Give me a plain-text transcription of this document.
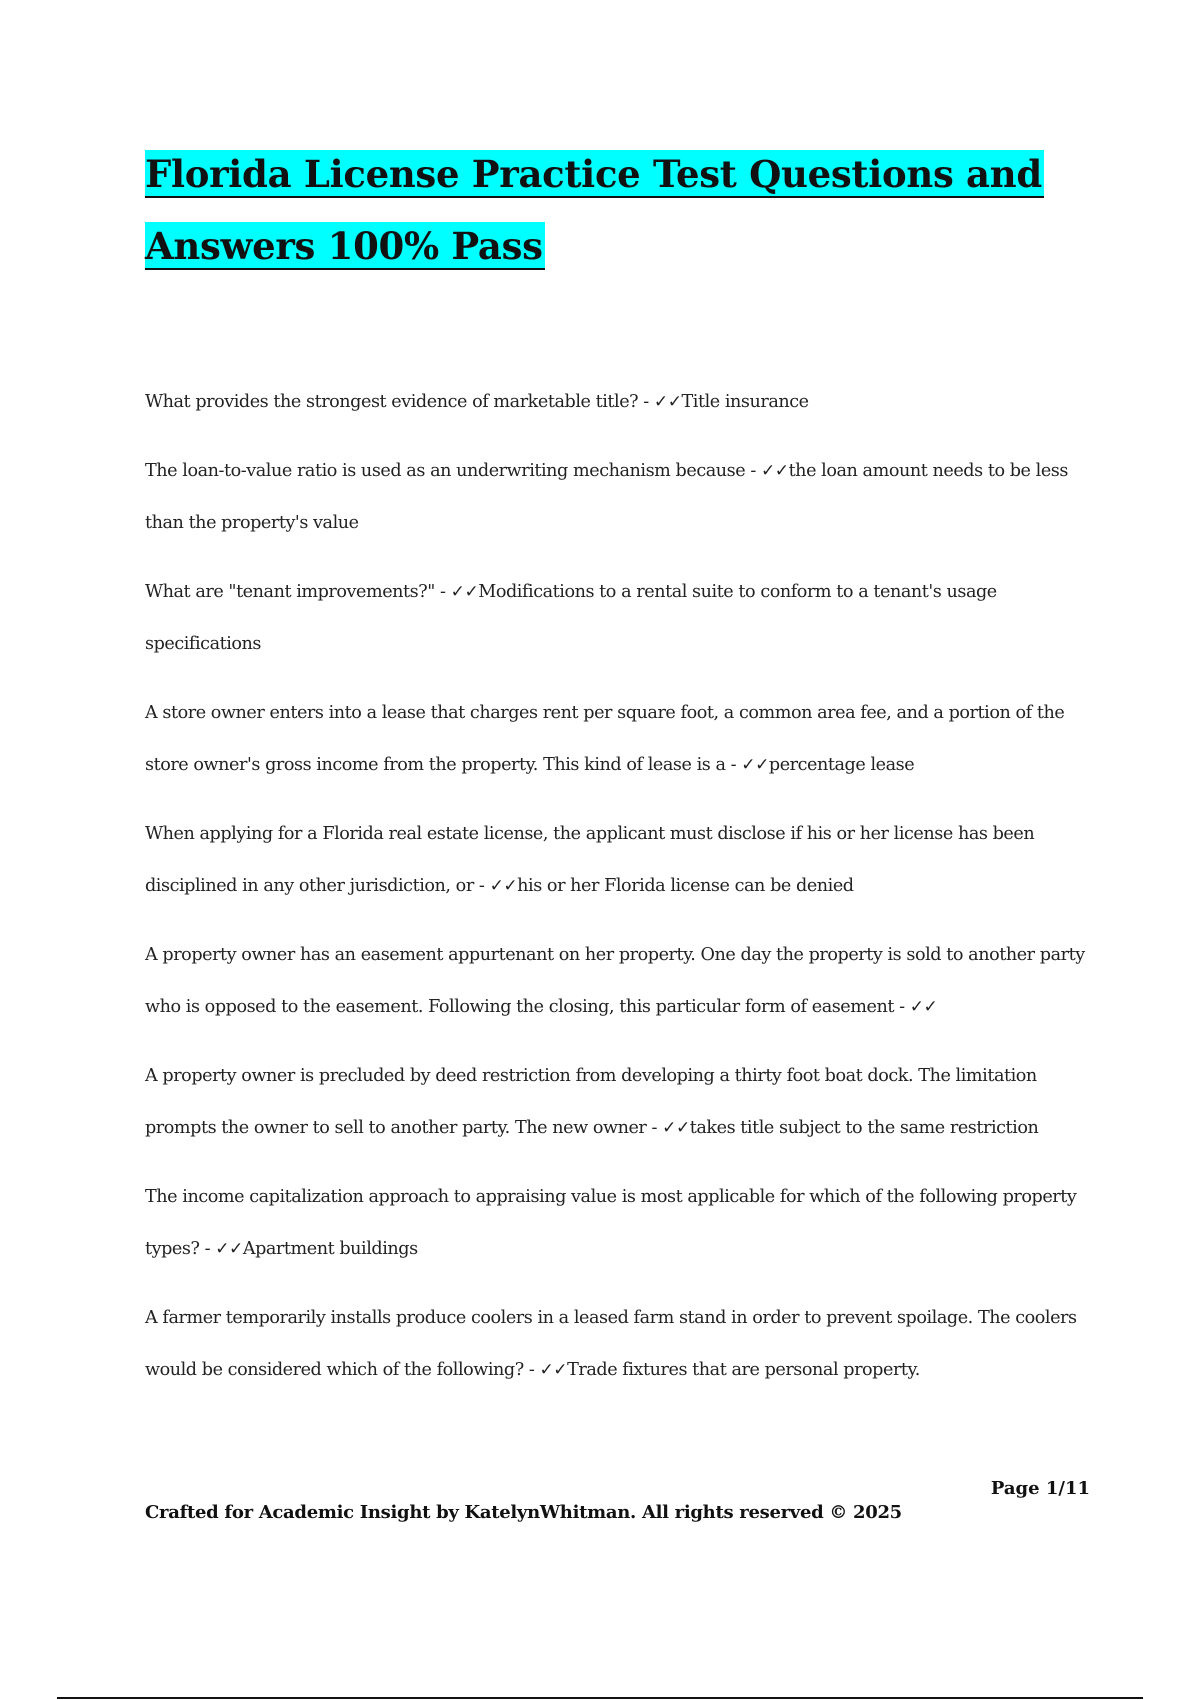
Florida License Practice Test Questions and
Answers 100% Pass

What provides the strongest evidence of marketable title? - ✓✓Title insurance

The loan-to-value ratio is used as an underwriting mechanism because - ✓✓the loan amount needs to be less than the property's value

What are "tenant improvements?" - ✓✓Modifications to a rental suite to conform to a tenant's usage specifications

A store owner enters into a lease that charges rent per square foot, a common area fee, and a portion of the store owner's gross income from the property. This kind of lease is a - ✓✓percentage lease

When applying for a Florida real estate license, the applicant must disclose if his or her license has been disciplined in any other jurisdiction, or - ✓✓his or her Florida license can be denied

A property owner has an easement appurtenant on her property. One day the property is sold to another party who is opposed to the easement. Following the closing, this particular form of easement - ✓✓

A property owner is precluded by deed restriction from developing a thirty foot boat dock. The limitation prompts the owner to sell to another party. The new owner - ✓✓takes title subject to the same restriction

The income capitalization approach to appraising value is most applicable for which of the following property types? - ✓✓Apartment buildings

A farmer temporarily installs produce coolers in a leased farm stand in order to prevent spoilage. The coolers would be considered which of the following? - ✓✓Trade fixtures that are personal property.

Page 1/11
Crafted for Academic Insight by KatelynWhitman. All rights reserved © 2025
